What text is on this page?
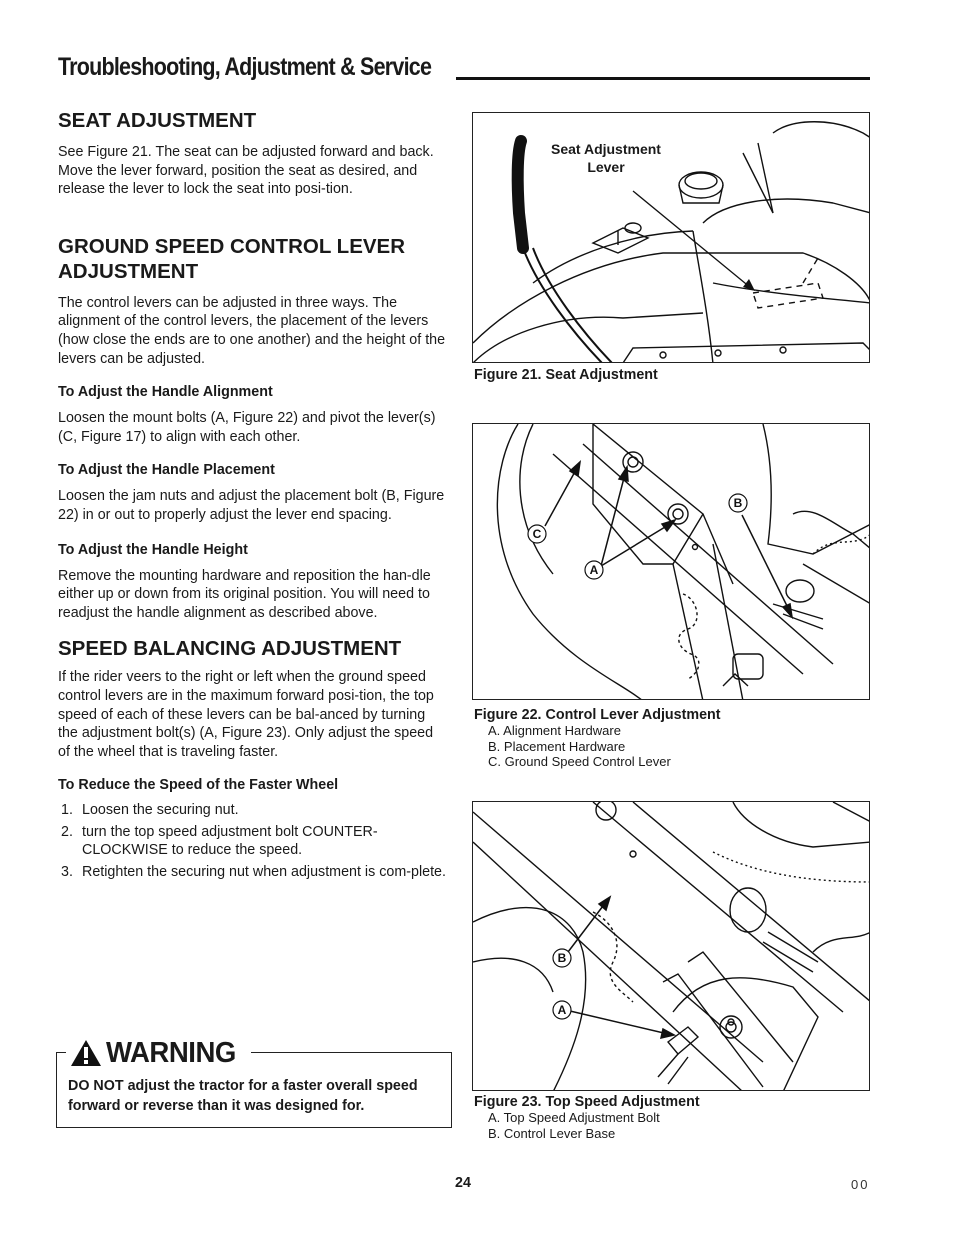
Troubleshooting, Adjustment & Service
SEAT ADJUSTMENT

See Figure 21. The seat can be adjusted forward and back. Move the lever forward, position the seat as desired, and release the lever to lock the seat into posi-tion.

GROUND SPEED CONTROL LEVER
ADJUSTMENT

The control levers can be adjusted in three ways. The alignment of the control levers, the placement of the levers (how close the ends are to one another) and the height of the levers can be adjusted.

To Adjust the Handle Alignment

Loosen the mount bolts (A, Figure 22) and pivot the lever(s) (C, Figure 17) to align with each other.

To Adjust the Handle Placement

Loosen the jam nuts and adjust the placement bolt (B, Figure 22) in or out to properly adjust the lever end spacing.

To Adjust the Handle Height

Remove the mounting hardware and reposition the han-dle either up or down from its original position. You will need to readjust the handle alignment as described above.

SPEED BALANCING ADJUSTMENT

If the rider veers to the right or left when the ground speed control levers are in the maximum forward posi-tion, the top speed of each of these levers can be bal-anced by turning the adjustment bolt(s) (A, Figure 23). Only adjust the speed of the wheel that is traveling faster.

To Reduce the Speed of the Faster Wheel
1. Loosen the securing nut.
2. turn the top speed adjustment bolt COUNTER-CLOCKWISE to reduce the speed.
3. Retighten the securing nut when adjustment is com-plete.
WARNING
DO NOT adjust the tractor for a faster overall speed forward or reverse than it was designed for.
Seat Adjustment
Lever
Figure 21. Seat Adjustment
C
A
B
Figure 22. Control Lever Adjustment
A. Alignment Hardware
B. Placement Hardware
C. Ground Speed Control Lever
B
A
Figure 23. Top Speed Adjustment
A. Top Speed Adjustment Bolt
B. Control Lever Base
24	00
